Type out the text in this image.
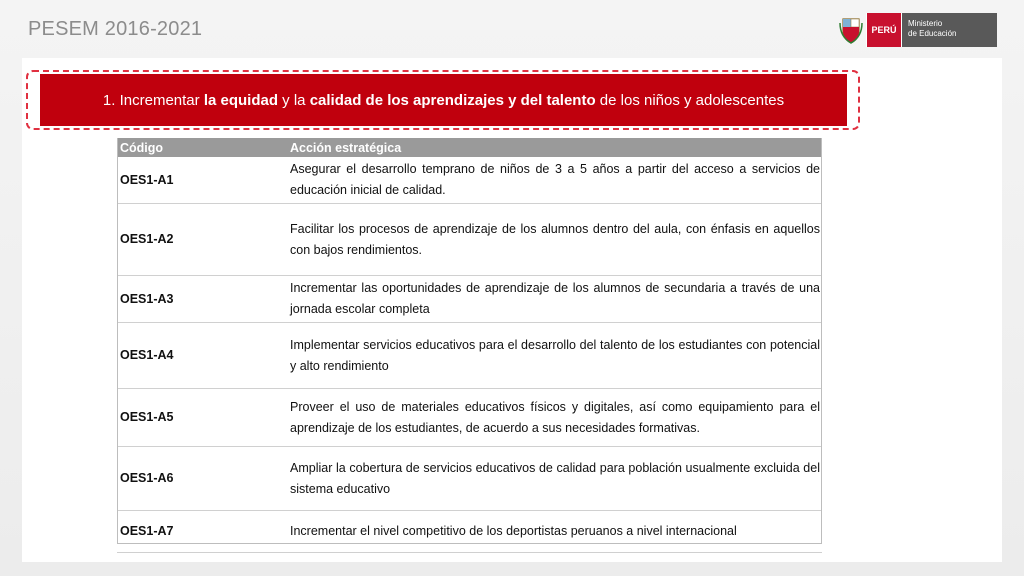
PESEM 2016-2021	PERÚ
Ministerio
de Educación
1. Incrementar la equidad y la calidad de los aprendizajes y del talento de los niños y adolescentes
Código	Acción estratégica
OES1-A1	Asegurar el desarrollo temprano de niños de 3 a 5 años a partir del acceso a servicios de educación inicial de calidad.
OES1-A2	Facilitar los procesos de aprendizaje de los alumnos dentro del aula, con énfasis en aquellos con bajos rendimientos.
OES1-A3	Incrementar las oportunidades de aprendizaje de los alumnos de secundaria a través de una jornada escolar completa
OES1-A4	Implementar servicios educativos para el desarrollo del talento de los estudiantes con potencial y alto rendimiento
OES1-A5	Proveer el uso de materiales educativos físicos y digitales, así como equipamiento para el aprendizaje de los estudiantes, de acuerdo a sus necesidades formativas.
OES1-A6	Ampliar la cobertura de servicios educativos de calidad para población usualmente excluida del sistema educativo
OES1-A7	Incrementar el nivel competitivo de los deportistas peruanos a nivel internacional
